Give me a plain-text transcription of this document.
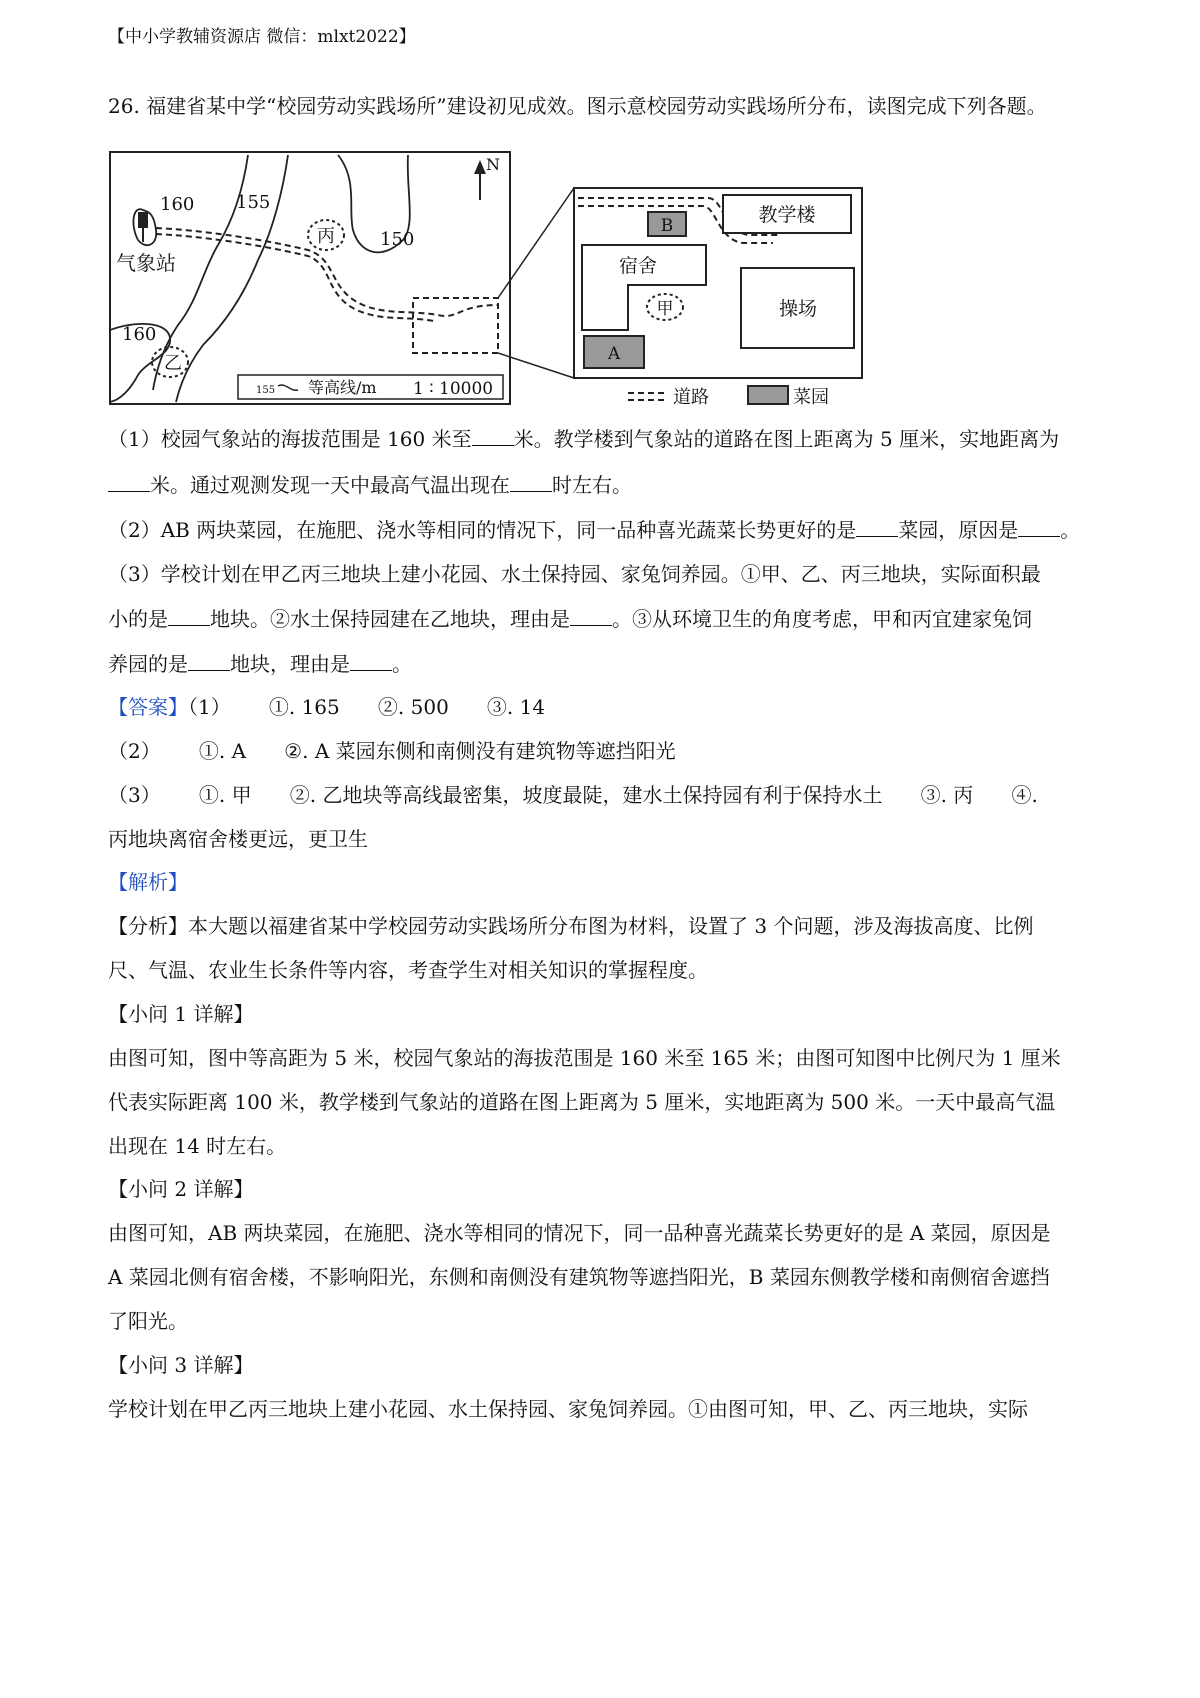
【中小学教辅资源店 微信：mlxt2022】
26. 福建省某中学“校园劳动实践场所”建设初见成效。图示意校园劳动实践场所分布，读图完成下列各题。
丙
乙
160 155
150
160
气象站
N
155 等高线/m 1 ∶ 10000
B	教学楼
宿舍
甲
A
操场
道路	菜园
（1）校园气象站的海拔范围是 160 米至 米。教学楼到气象站的道路在图上距离为 5 厘米，实地距离为
米。通过观测发现一天中最高气温出现在 时左右。
（2）AB 两块菜园，在施肥、浇水等相同的情况下，同一品种喜光蔬菜长势更好的是 菜园，原因是 。
（3）学校计划在甲乙丙三地块上建小花园、水土保持园、家兔饲养园。①甲、乙、丙三地块，实际面积最
小的是 地块。②水土保持园建在乙地块，理由是 。③从环境卫生的角度考虑，甲和丙宜建家兔饲
养园的是 地块，理由是 。
【答案】（1）      ①. 165      ②. 500      ③. 14
（2）      ①. A      ②. A 菜园东侧和南侧没有建筑物等遮挡阳光
（3）      ①. 甲      ②. 乙地块等高线最密集，坡度最陡，建水土保持园有利于保持水土      ③. 丙      ④.
丙地块离宿舍楼更远，更卫生
【解析】
【分析】本大题以福建省某中学校园劳动实践场所分布图为材料，设置了 3 个问题，涉及海拔高度、比例
尺、气温、农业生长条件等内容，考查学生对相关知识的掌握程度。
【小问 1 详解】
由图可知，图中等高距为 5 米，校园气象站的海拔范围是 160 米至 165 米；由图可知图中比例尺为 1 厘米
代表实际距离 100 米，教学楼到气象站的道路在图上距离为 5 厘米，实地距离为 500 米。一天中最高气温
出现在 14 时左右。
【小问 2 详解】
由图可知，AB 两块菜园，在施肥、浇水等相同的情况下，同一品种喜光蔬菜长势更好的是 A 菜园，原因是
A 菜园北侧有宿舍楼，不影响阳光，东侧和南侧没有建筑物等遮挡阳光，B 菜园东侧教学楼和南侧宿舍遮挡
了阳光。
【小问 3 详解】
学校计划在甲乙丙三地块上建小花园、水土保持园、家兔饲养园。①由图可知，甲、乙、丙三地块，实际
